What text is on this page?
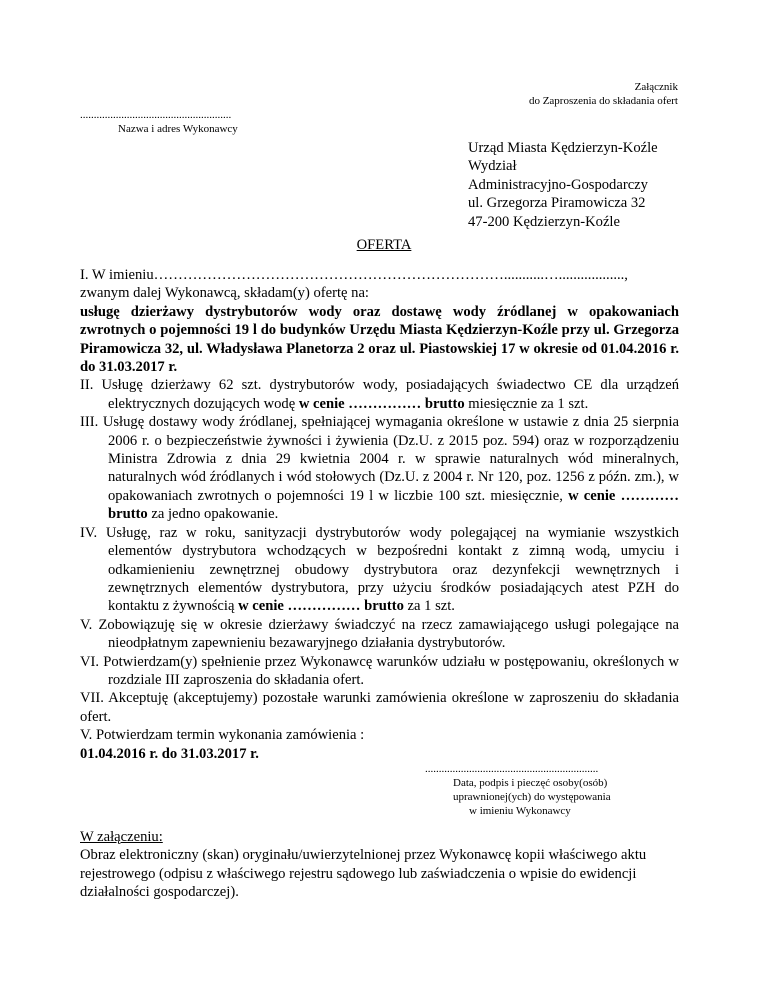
Załącznik
do Zaproszenia do składania ofert
.......................................................
Nazwa i adres Wykonawcy
Urząd Miasta Kędzierzyn-Koźle
Wydział
Administracyjno-Gospodarczy
ul. Grzegorza Piramowicza 32
47-200 Kędzierzyn-Koźle
OFERTA
I. W imieniu………………………………………………………………...........…..................,
zwanym dalej Wykonawcą, składam(y) ofertę na:
usługę dzierżawy dystrybutorów wody oraz dostawę wody źródlanej w opakowaniach zwrotnych o pojemności 19 l do budynków Urzędu Miasta Kędzierzyn-Koźle przy ul. Grzegorza Piramowicza 32, ul. Władysława Planetorza 2 oraz ul. Piastowskiej 17 w okresie od 01.04.2016 r. do 31.03.2017 r.
II. Usługę dzierżawy 62 szt. dystrybutorów wody, posiadających świadectwo CE dla urządzeń elektrycznych dozujących wodę w cenie …………… brutto miesięcznie za 1 szt.
III. Usługę dostawy wody źródlanej, spełniającej wymagania określone w ustawie z dnia 25 sierpnia 2006 r. o bezpieczeństwie żywności i żywienia (Dz.U. z 2015 poz. 594) oraz w rozporządzeniu Ministra Zdrowia z dnia 29 kwietnia 2004 r. w sprawie naturalnych wód mineralnych, naturalnych wód źródlanych i wód stołowych (Dz.U. z 2004 r. Nr 120, poz. 1256 z późn. zm.), w opakowaniach zwrotnych o pojemności 19 l w liczbie 100 szt. miesięcznie, w cenie ………… brutto za jedno opakowanie.
IV. Usługę, raz w roku, sanityzacji dystrybutorów wody polegającej na wymianie wszystkich elementów dystrybutora wchodzących w bezpośredni kontakt z zimną wodą, umyciu i odkamienieniu zewnętrznej obudowy dystrybutora oraz dezynfekcji wewnętrznych i zewnętrznych elementów dystrybutora, przy użyciu środków posiadających atest PZH do kontaktu z żywnością w cenie …………… brutto za 1 szt.
V. Zobowiązuję się w okresie dzierżawy świadczyć na rzecz zamawiającego usługi polegające na nieodpłatnym zapewnieniu bezawaryjnego działania dystrybutorów.
VI. Potwierdzam(y) spełnienie przez Wykonawcę warunków udziału w postępowaniu, określonych w rozdziale III zaproszenia do składania ofert.
VII. Akceptuję (akceptujemy) pozostałe warunki zamówienia określone w zaproszeniu do składania ofert.
V. Potwierdzam termin wykonania zamówienia :
01.04.2016 r. do 31.03.2017 r.
...............................................................
Data, podpis i pieczęć osoby(osób)
uprawnionej(ych) do występowania
w imieniu Wykonawcy
W załączeniu:
Obraz elektroniczny (skan) oryginału/uwierzytelnionej przez Wykonawcę kopii właściwego aktu rejestrowego (odpisu z właściwego rejestru sądowego lub zaświadczenia o wpisie do ewidencji działalności gospodarczej).
